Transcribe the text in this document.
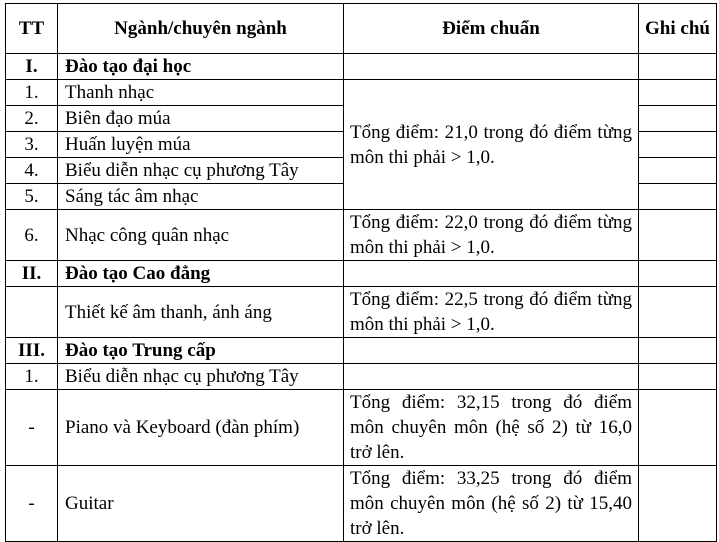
TT	Ngành/chuyên ngành	Điểm chuẩn	Ghi chú
I.	Đào tạo đại học		
1.	Thanh nhạc	Tổng điểm: 21,0 trong đó điểm từng môn thi phải > 1,0.	
2.	Biên đạo múa		
3.	Huấn luyện múa		
4.	Biểu diễn nhạc cụ phương Tây		
5.	Sáng tác âm nhạc		
6.	Nhạc công quân nhạc	Tổng điểm: 22,0 trong đó điểm từng môn thi phải > 1,0.	
II.	Đào tạo Cao đẳng		
	Thiết kế âm thanh, ánh áng	Tổng điểm: 22,5 trong đó điểm từng môn thi phải > 1,0.	
III.	Đào tạo Trung cấp		
1.	Biểu diễn nhạc cụ phương Tây		
-	Piano và Keyboard (đàn phím)	Tổng điểm: 32,15 trong đó điểm môn chuyên môn (hệ số 2) từ 16,0 trở lên.	
-	Guitar	Tổng điểm: 33,25 trong đó điểm môn chuyên môn (hệ số 2) từ 15,40 trở lên.	
